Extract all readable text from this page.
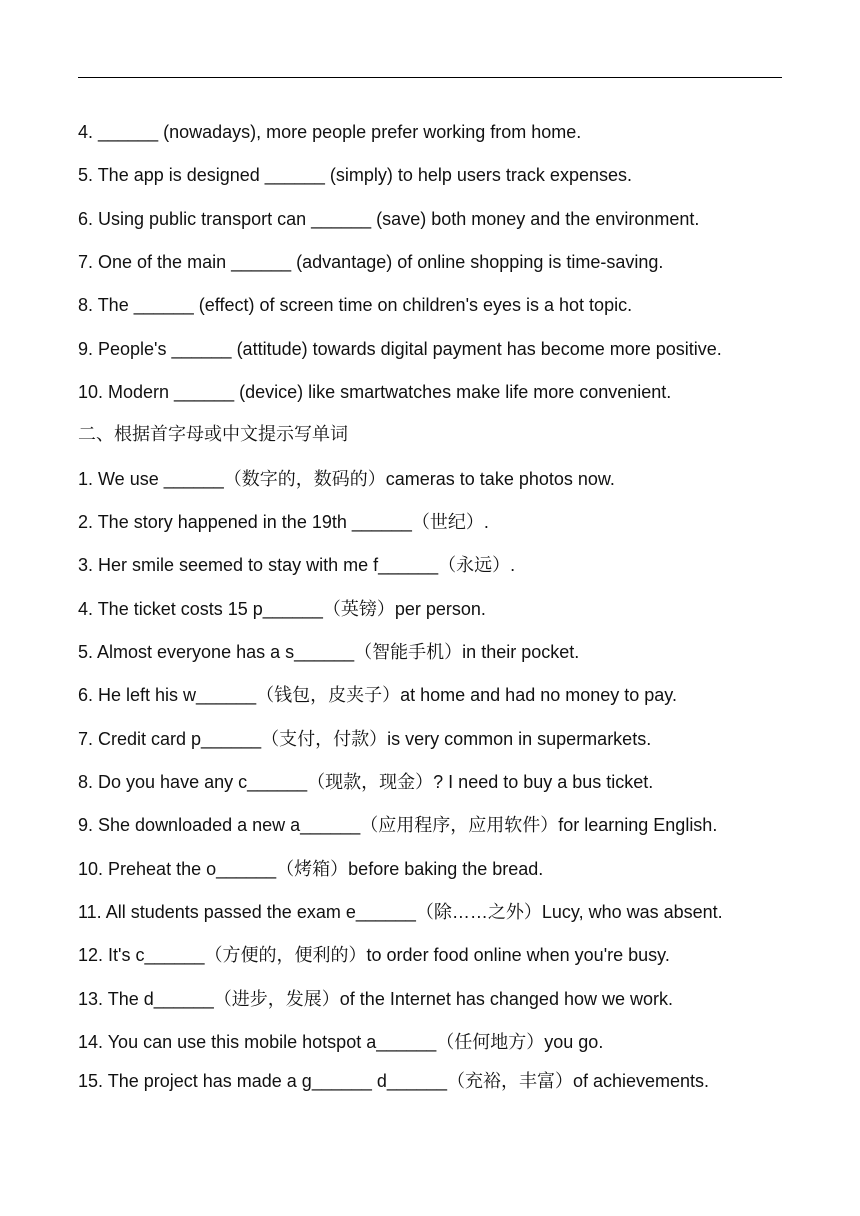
4. ______ (nowadays), more people prefer working from home.
5. The app is designed ______ (simply) to help users track expenses.
6. Using public transport can ______ (save) both money and the environment.
7. One of the main ______ (advantage) of online shopping is time-saving.
8. The ______ (effect) of screen time on children's eyes is a hot topic.
9. People's ______ (attitude) towards digital payment has become more positive.
10. Modern ______ (device) like smartwatches make life more convenient.
二、根据首字母或中文提示写单词
1. We use ______（数字的，数码的）cameras to take photos now.
2. The story happened in the 19th ______（世纪）.
3. Her smile seemed to stay with me f______（永远）.
4. The ticket costs 15 p______（英镑）per person.
5. Almost everyone has a s______（智能手机）in their pocket.
6. He left his w______（钱包，皮夹子）at home and had no money to pay.
7. Credit card p______（支付，付款）is very common in supermarkets.
8. Do you have any c______（现款，现金）? I need to buy a bus ticket.
9. She downloaded a new a______（应用程序，应用软件）for learning English.
10. Preheat the o______（烤箱）before baking the bread.
11. All students passed the exam e______（除……之外）Lucy, who was absent.
12. It's c______（方便的，便利的）to order food online when you're busy.
13. The d______（进步，发展）of the Internet has changed how we work.
14. You can use this mobile hotspot a______（任何地方）you go.
15. The project has made a g______ d______（充裕，丰富）of achievements.
